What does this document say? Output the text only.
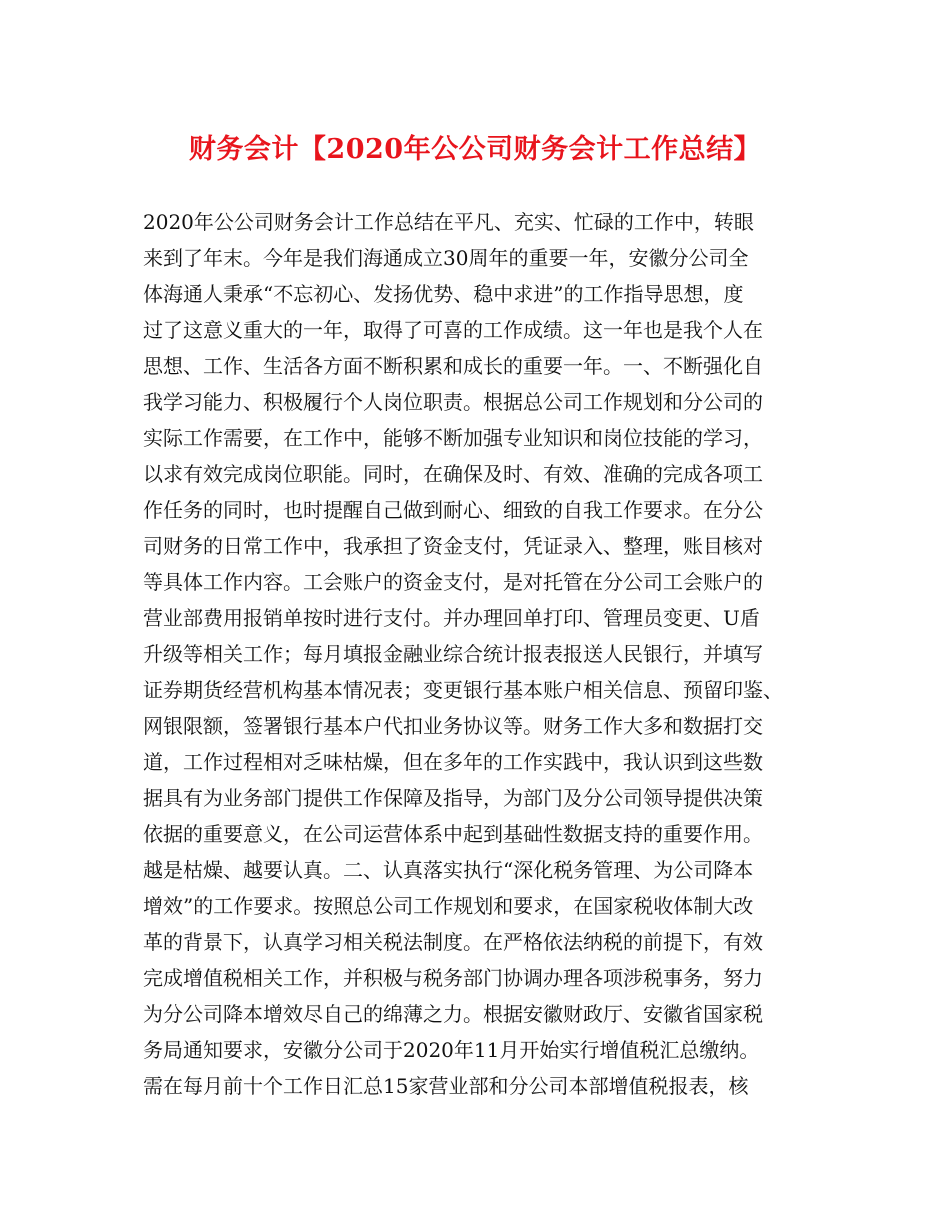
财务会计【2020年公公司财务会计工作总结】
2020年公公司财务会计工作总结在平凡、充实、忙碌的工作中，转眼
来到了年末。今年是我们海通成立30周年的重要一年，安徽分公司全
体海通人秉承“不忘初心、发扬优势、稳中求进”的工作指导思想，度
过了这意义重大的一年，取得了可喜的工作成绩。这一年也是我个人在
思想、工作、生活各方面不断积累和成长的重要一年。一、不断强化自
我学习能力、积极履行个人岗位职责。根据总公司工作规划和分公司的
实际工作需要，在工作中，能够不断加强专业知识和岗位技能的学习，
以求有效完成岗位职能。同时，在确保及时、有效、准确的完成各项工
作任务的同时，也时提醒自己做到耐心、细致的自我工作要求。在分公
司财务的日常工作中，我承担了资金支付，凭证录入、整理，账目核对
等具体工作内容。工会账户的资金支付，是对托管在分公司工会账户的
营业部费用报销单按时进行支付。并办理回单打印、管理员变更、U盾
升级等相关工作；每月填报金融业综合统计报表报送人民银行，并填写
证券期货经营机构基本情况表；变更银行基本账户相关信息、预留印鉴、
网银限额，签署银行基本户代扣业务协议等。财务工作大多和数据打交
道，工作过程相对乏味枯燥，但在多年的工作实践中，我认识到这些数
据具有为业务部门提供工作保障及指导，为部门及分公司领导提供决策
依据的重要意义，在公司运营体系中起到基础性数据支持的重要作用。
越是枯燥、越要认真。二、认真落实执行“深化税务管理、为公司降本
增效”的工作要求。按照总公司工作规划和要求，在国家税收体制大改
革的背景下，认真学习相关税法制度。在严格依法纳税的前提下，有效
完成增值税相关工作，并积极与税务部门协调办理各项涉税事务，努力
为分公司降本增效尽自己的绵薄之力。根据安徽财政厅、安徽省国家税
务局通知要求，安徽分公司于2020年11月开始实行增值税汇总缴纳。
需在每月前十个工作日汇总15家营业部和分公司本部增值税报表，核
